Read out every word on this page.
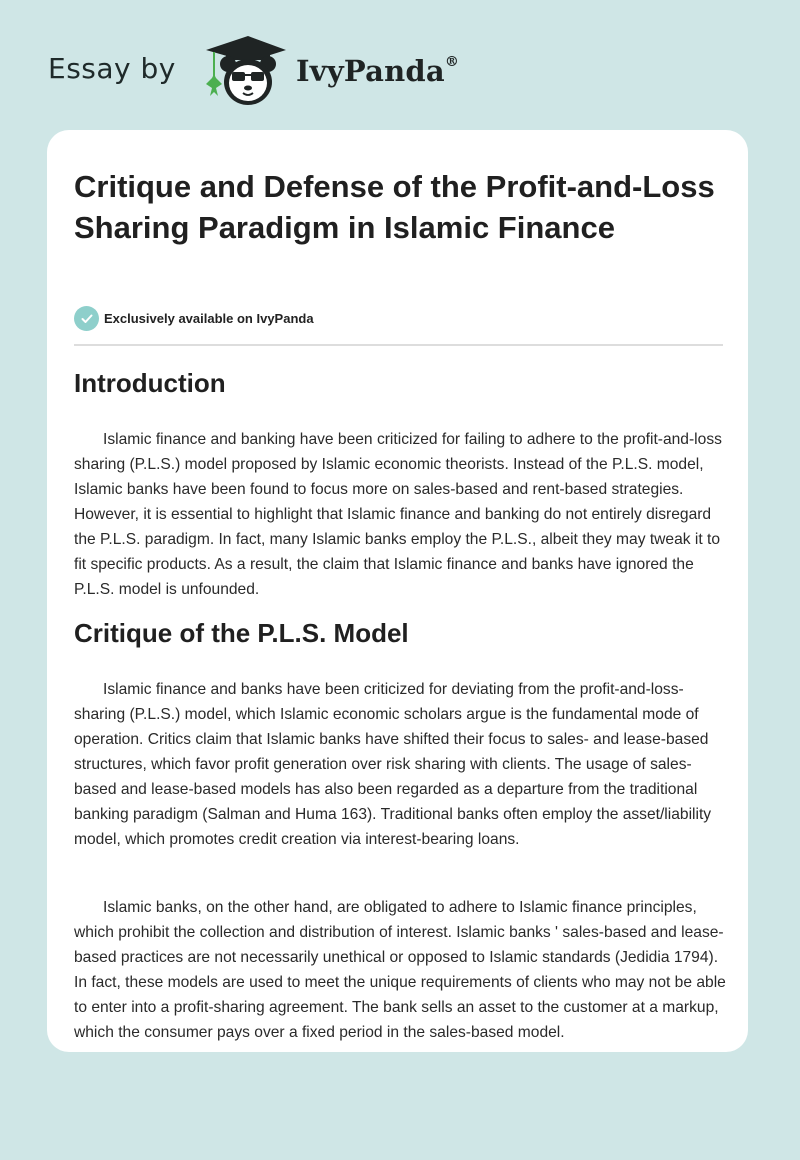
Essay by	IvyPanda®
Critique and Defense of the Profit-and-Loss Sharing Paradigm in Islamic Finance
Exclusively available on IvyPanda
Introduction

Islamic finance and banking have been criticized for failing to adhere to the profit-and-loss sharing (P.L.S.) model proposed by Islamic economic theorists. Instead of the P.L.S. model, Islamic banks have been found to focus more on sales-based and rent-based strategies. However, it is essential to highlight that Islamic finance and banking do not entirely disregard the P.L.S. paradigm. In fact, many Islamic banks employ the P.L.S., albeit they may tweak it to fit specific products. As a result, the claim that Islamic finance and banks have ignored the P.L.S. model is unfounded.

Critique of the P.L.S. Model

Islamic finance and banks have been criticized for deviating from the profit-and-loss-sharing (P.L.S.) model, which Islamic economic scholars argue is the fundamental mode of operation. Critics claim that Islamic banks have shifted their focus to sales- and lease-based structures, which favor profit generation over risk sharing with clients. The usage of sales-based and lease-based models has also been regarded as a departure from the traditional banking paradigm (Salman and Huma 163). Traditional banks often employ the asset/liability model, which promotes credit creation via interest-bearing loans.

Islamic banks, on the other hand, are obligated to adhere to Islamic finance principles, which prohibit the collection and distribution of interest. Islamic banks ' sales-based and lease-based practices are not necessarily unethical or opposed to Islamic standards (Jedidia 1794). In fact, these models are used to meet the unique requirements of clients who may not be able to enter into a profit-sharing agreement. The bank sells an asset to the customer at a markup, which the consumer pays over a fixed period in the sales-based model.
